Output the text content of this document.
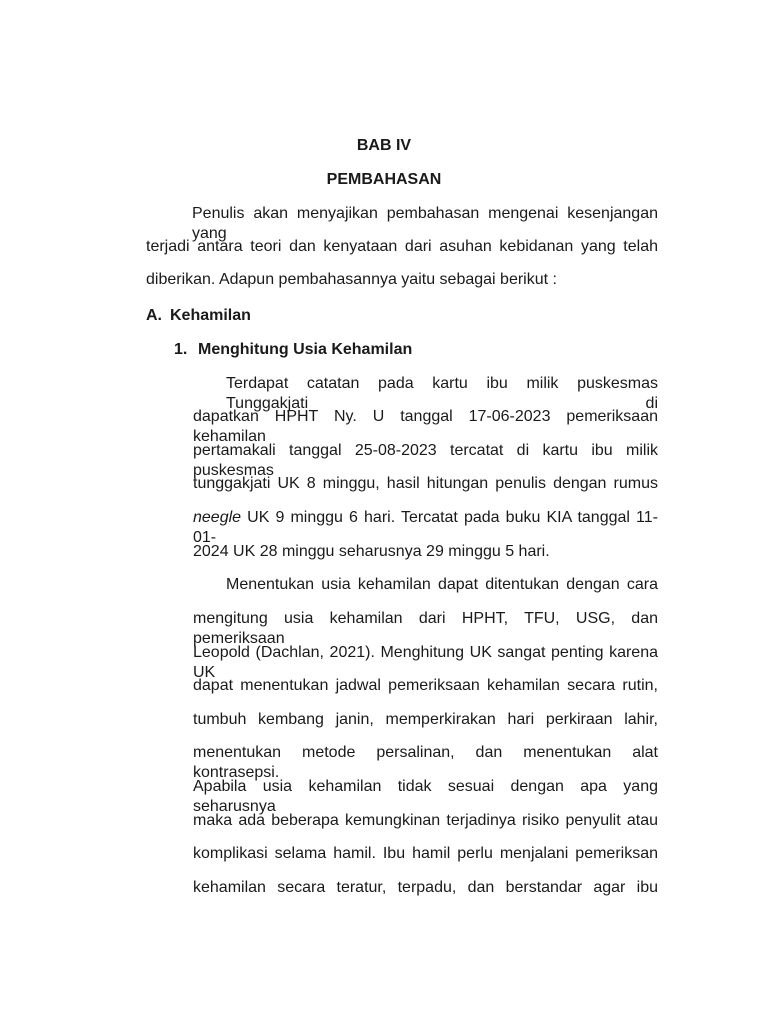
BAB IV
PEMBAHASAN
Penulis akan menyajikan pembahasan mengenai kesenjangan yang
terjadi antara teori dan kenyataan dari asuhan kebidanan yang telah
diberikan. Adapun pembahasannya yaitu sebagai berikut :
A. Kehamilan
1. Menghitung Usia Kehamilan
Terdapat catatan pada kartu ibu milik puskesmas Tunggakjati di
dapatkan HPHT Ny. U tanggal 17-06-2023 pemeriksaan kehamilan
pertamakali tanggal 25-08-2023 tercatat di kartu ibu milik puskesmas
tunggakjati UK 8 minggu, hasil hitungan penulis dengan rumus
neegle UK 9 minggu 6 hari. Tercatat pada buku KIA tanggal 11-01-
2024 UK 28 minggu seharusnya 29 minggu 5 hari.
Menentukan usia kehamilan dapat ditentukan dengan cara
mengitung usia kehamilan dari HPHT, TFU, USG, dan pemeriksaan
Leopold (Dachlan, 2021). Menghitung UK sangat penting karena UK
dapat menentukan jadwal pemeriksaan kehamilan secara rutin,
tumbuh kembang janin, memperkirakan hari perkiraan lahir,
menentukan metode persalinan, dan menentukan alat kontrasepsi.
Apabila usia kehamilan tidak sesuai dengan apa yang seharusnya
maka ada beberapa kemungkinan terjadinya risiko penyulit atau
komplikasi selama hamil. Ibu hamil perlu menjalani pemeriksan
kehamilan secara teratur, terpadu, dan berstandar agar ibu
